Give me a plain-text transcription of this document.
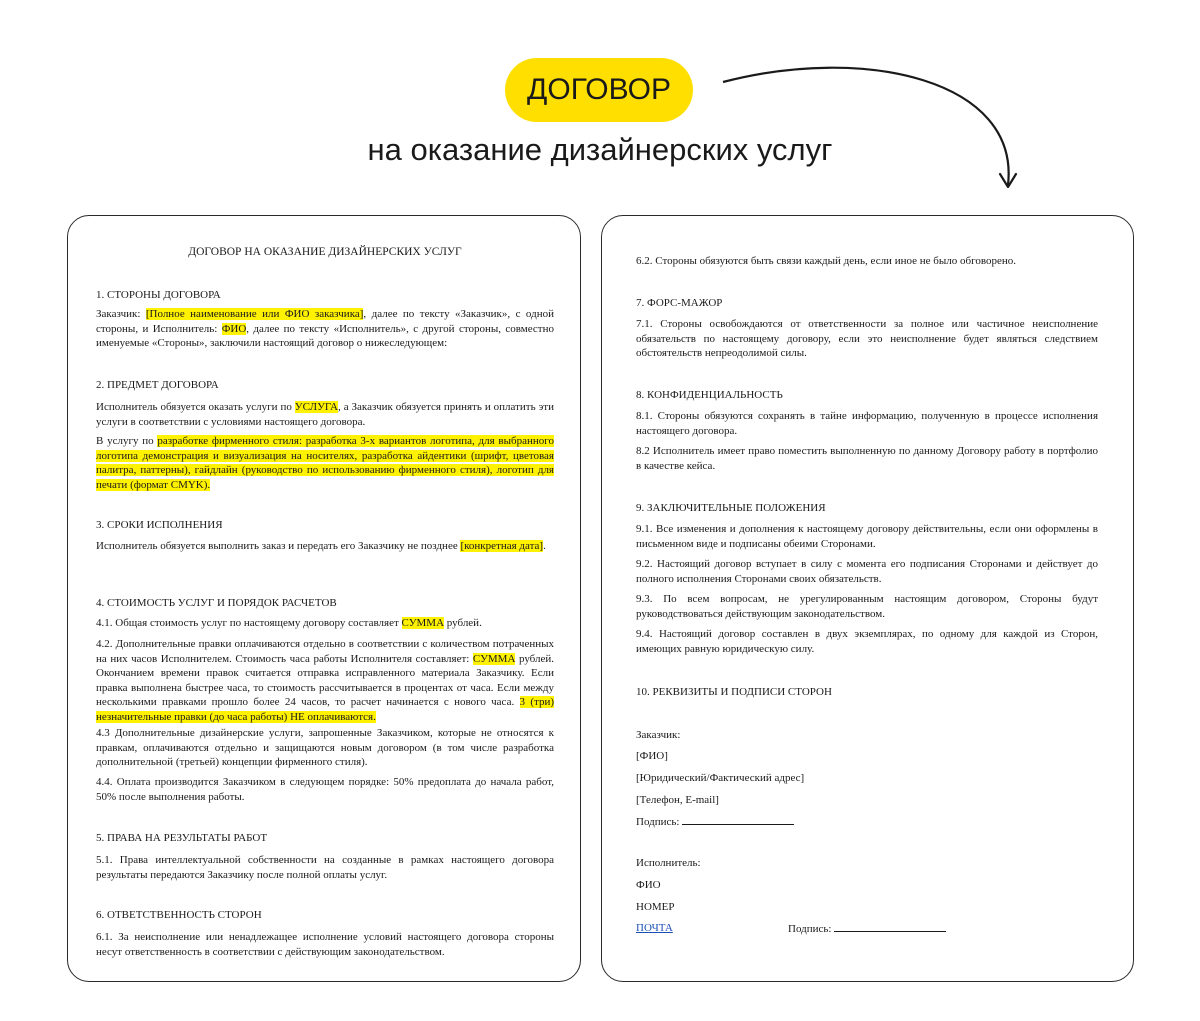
ДОГОВОР
на оказание дизайнерских услуг

ДОГОВОР НА ОКАЗАНИЕ ДИЗАЙНЕРСКИХ УСЛУГ

1. СТОРОНЫ ДОГОВОРА

Заказчик: [Полное наименование или ФИО заказчика], далее по тексту «Заказчик», с одной стороны, и Исполнитель: ФИО, далее по тексту «Исполнитель», с другой стороны, совместно именуемые «Стороны», заключили настоящий договор о нижеследующем:

2. ПРЕДМЕТ ДОГОВОРА

Исполнитель обязуется оказать услуги по УСЛУГА, а Заказчик обязуется принять и оплатить эти услуги в соответствии с условиями настоящего договора.

В услугу по разработке фирменного стиля: разработка 3-х вариантов логотипа, для выбранного логотипа демонстрация и визуализация на носителях, разработка айдентики (шрифт, цветовая палитра, паттерны), гайдлайн (руководство по использованию фирменного стиля), логотип для печати (формат CMYK).

3. СРОКИ ИСПОЛНЕНИЯ

Исполнитель обязуется выполнить заказ и передать его Заказчику не позднее [конкретная дата].

4. СТОИМОСТЬ УСЛУГ И ПОРЯДОК РАСЧЕТОВ

4.1. Общая стоимость услуг по настоящему договору составляет СУММА рублей.

4.2. Дополнительные правки оплачиваются отдельно в соответствии с количеством потраченных на них часов Исполнителем. Стоимость часа работы Исполнителя составляет: СУММА рублей. Окончанием времени правок считается отправка исправленного материала Заказчику. Если правка выполнена быстрее часа, то стоимость рассчитывается в процентах от часа. Если между несколькими правками прошло более 24 часов, то расчет начинается с нового часа. 3 (три) незначительные правки (до часа работы) НЕ оплачиваются.

4.3 Дополнительные дизайнерские услуги, запрошенные Заказчиком, которые не относятся к правкам, оплачиваются отдельно и защищаются новым договором (в том числе разработка дополнительной (третьей) концепции фирменного стиля).

4.4. Оплата производится Заказчиком в следующем порядке: 50% предоплата до начала работ, 50% после выполнения работы.

5. ПРАВА НА РЕЗУЛЬТАТЫ РАБОТ

5.1. Права интеллектуальной собственности на созданные в рамках настоящего договора результаты передаются Заказчику после полной оплаты услуг.

6. ОТВЕТСТВЕННОСТЬ СТОРОН

6.1. За неисполнение или ненадлежащее исполнение условий настоящего договора стороны несут ответственность в соответствии с действующим законодательством.

6.2. Стороны обязуются быть связи каждый день, если иное не было обговорено.

7. ФОРС-МАЖОР

7.1. Стороны освобождаются от ответственности за полное или частичное неисполнение обязательств по настоящему договору, если это неисполнение будет являться следствием обстоятельств непреодолимой силы.

8. КОНФИДЕНЦИАЛЬНОСТЬ

8.1. Стороны обязуются сохранять в тайне информацию, полученную в процессе исполнения настоящего договора.

8.2 Исполнитель имеет право поместить выполненную по данному Договору работу в портфолио в качестве кейса.

9. ЗАКЛЮЧИТЕЛЬНЫЕ ПОЛОЖЕНИЯ

9.1. Все изменения и дополнения к настоящему договору действительны, если они оформлены в письменном виде и подписаны обеими Сторонами.

9.2. Настоящий договор вступает в силу с момента его подписания Сторонами и действует до полного исполнения Сторонами своих обязательств.

9.3. По всем вопросам, не урегулированным настоящим договором, Стороны будут руководствоваться действующим законодательством.

9.4. Настоящий договор составлен в двух экземплярах, по одному для каждой из Сторон, имеющих равную юридическую силу.

10. РЕКВИЗИТЫ И ПОДПИСИ СТОРОН

Заказчик:

[ФИО]

[Юридический/Фактический адрес]

[Телефон, E-mail]

Подпись:

Исполнитель:

ФИО

НОМЕР

ПОЧТА	Подпись:
